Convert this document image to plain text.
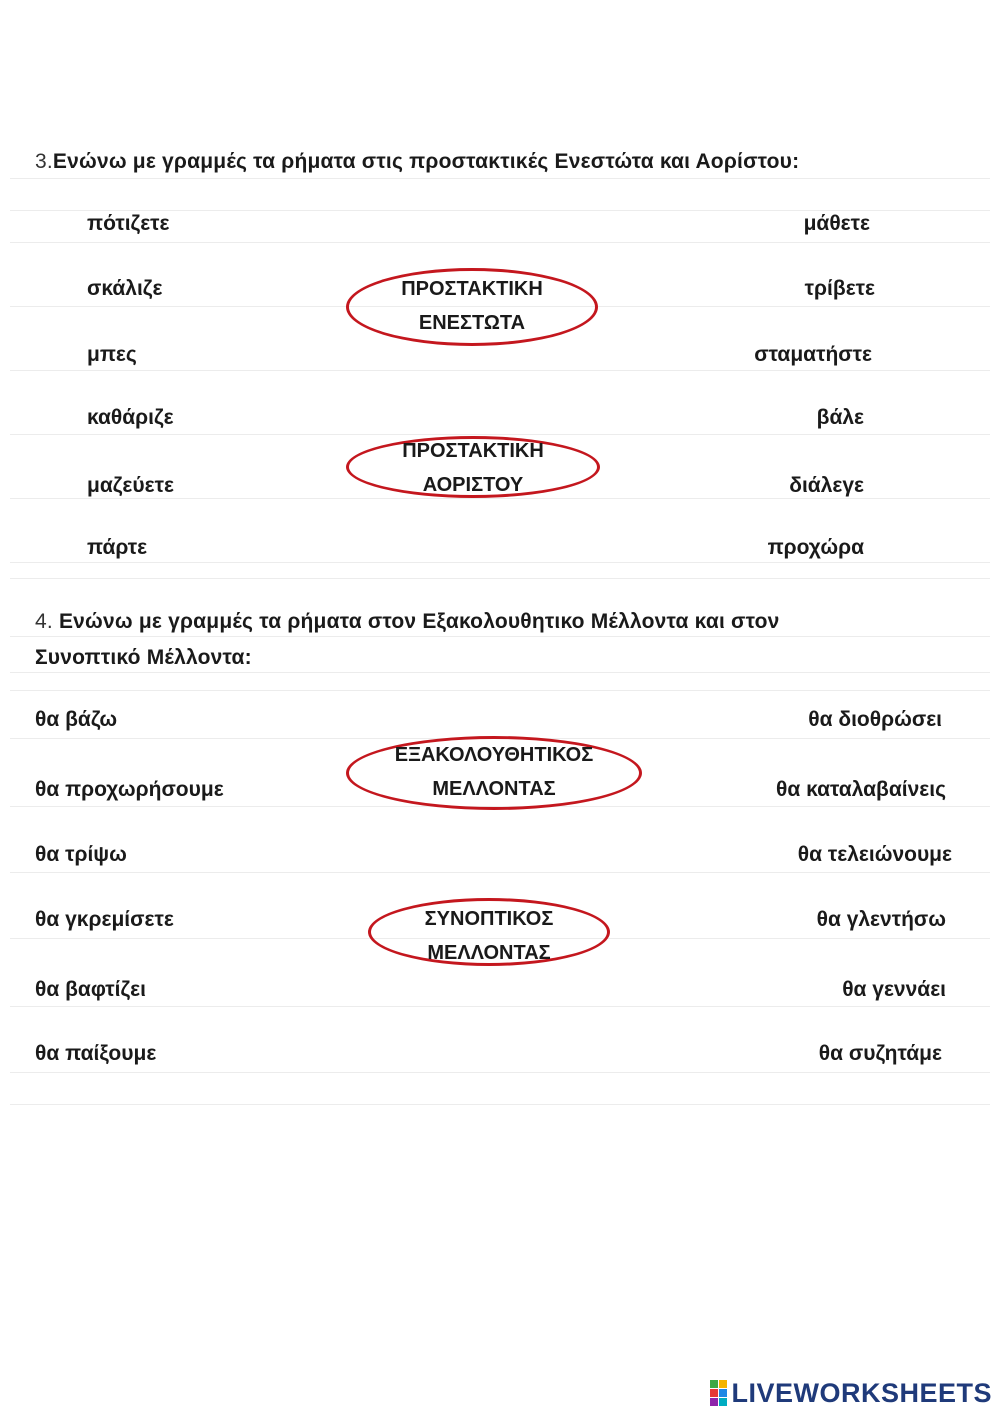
3.Ενώνω με γραμμές τα ρήματα στις προστακτικές Ενεστώτα και Αορίστου:
πότιζετε
σκάλιζε
μπες
καθάριζε
μαζεύετε
πάρτε
μάθετε
τρίβετε
σταματήστε
βάλε
διάλεγε
προχώρα
ΠΡΟΣΤΑΚΤΙΚΗ
ΕΝΕΣΤΩΤΑ
ΠΡΟΣΤΑΚΤΙΚΗ
ΑΟΡΙΣΤΟΥ
4. Ενώνω με γραμμές τα ρήματα στον Εξακολουθητικο Μέλλοντα και στον
Συνοπτικό Μέλλοντα:
θα βάζω
θα προχωρήσουμε
θα τρίψω
θα γκρεμίσετε
θα βαφτίζει
θα παίξουμε
θα διοθρώσει
θα καταλαβαίνεις
θα τελειώνουμε
θα γλεντήσω
θα γεννάει
θα συζητάμε
ΕΞΑΚΟΛΟΥΘΗΤΙΚΟΣ
ΜΕΛΛΟΝΤΑΣ
ΣΥΝΟΠΤΙΚΟΣ
ΜΕΛΛΟΝΤΑΣ
LIVEWORKSHEETS
